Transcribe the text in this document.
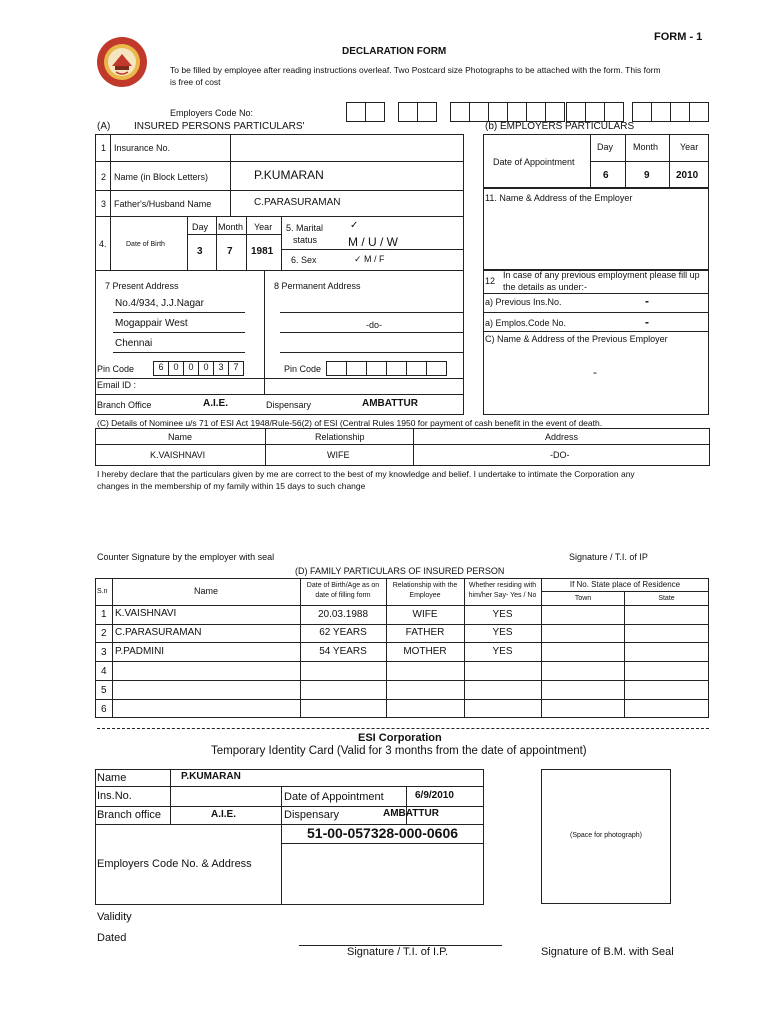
FORM - 1
DECLARATION FORM
To be filled by employee after reading instructions overleaf. Two Postcard size Photographs to be attached with the form. This form
is free of cost
Employers Code No:
(A) INSURED PERSONS PARTICULARS'
1 Insurance No.
2 Name (in Block Letters)	P.KUMARAN
3 Father's/Husband Name	C.PARASURAMAN
4.	Date of Birth
Day Month Year
3 7 1981
5. Marital
status
✓
M / U / W
6. Sex	✓ M / F
7 Present Address	8 Permanent Address
No.4/934, J.J.Nagar
Mogappair West
Chennai
-do-
Pin Code	6	0	0	0	3	7	Pin Code
Email ID :
Branch Office	A.I.E.	Dispensary	AMBATTUR
(b) EMPLOYERS PARTICULARS
Date of Appointment
Day Month Year
6	9	2010
11. Name & Address of the Employer
12
In case of any previous employment please fill up
the details as under:-
a) Previous Ins.No.	-
a) Emplos.Code No.	-
C) Name & Address of the Previous Employer
-
(C) Details of Nominee u/s 71 of ESI Act 1948/Rule-56(2) of ESI (Central Rules 1950 for payment of cash benefit in the event of death.
Name	Relationship	Address
K.VAISHNAVI	WIFE	-DO-
I hereby declare that the particulars given by me are correct to the best of my knowledge and belief. I undertake to intimate the Corporation any
changes in the membership of my family within 15 days to such change
Counter Signature by the employer with seal	Signature / T.I. of IP
(D) FAMILY PARTICULARS OF INSURED PERSON
S.n	Name
Date of Birth/Age as on
date of filling form
Relationship with the
Employee
Whether residing with
him/her Say- Yes / No
If No. State place of Residence
Town	State
1 K.VAISHNAVI	20.03.1988	WIFE	YES
2 C.PARASURAMAN	62 YEARS	FATHER	YES
3 P.PADMINI	54 YEARS	MOTHER	YES
4
5
6
ESI Corporation
Temporary Identity Card (Valid for 3 months from the date of appointment)
Name	P.KUMARAN
Ins.No.	Date of Appointment	6/9/2010
Branch office	A.I.E.	Dispensary	AMBATTUR
51-00-057328-000-0606
Employers Code No. & Address
(Space for photograph)
Validity
Dated
Signature / T.I. of I.P.	Signature of B.M. with Seal
